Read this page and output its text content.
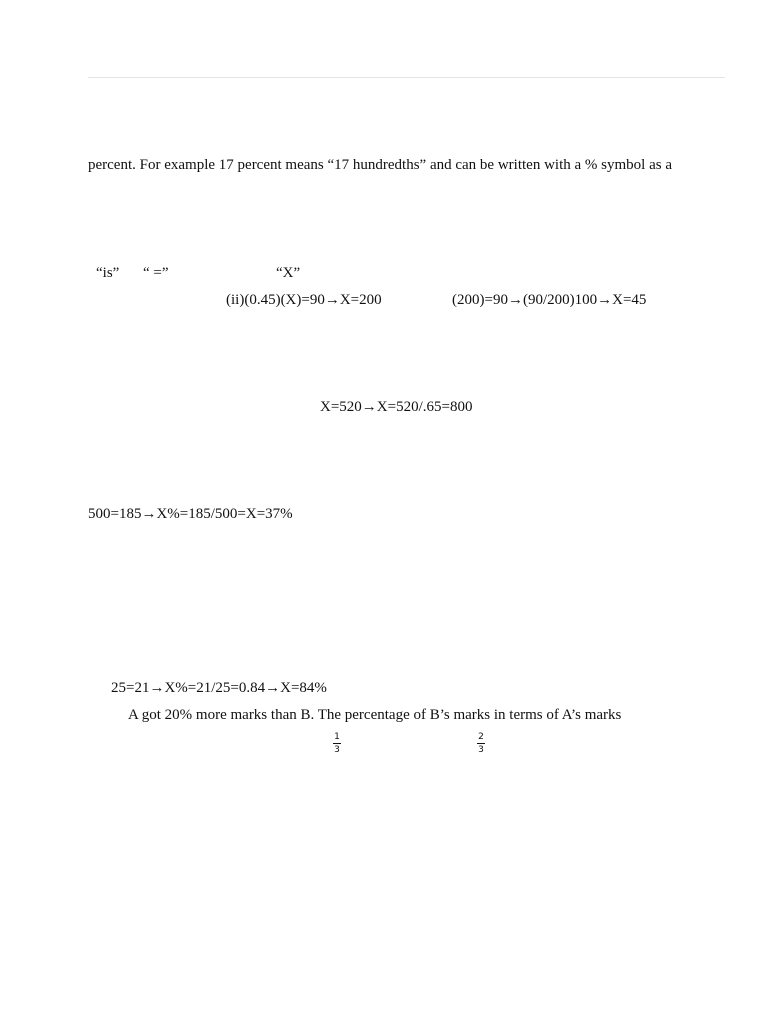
percent. For example 17 percent means “17 hundredths” and can be written with a % symbol as a
“is” “ =”	“X”
(ii)(0.45)(X)=90→X=200	(200)=90→(90/200)100→X=45
X=520→X=520/.65=800
500=185→X%=185/500=X=37%
25=21→X%=21/25=0.84→X=84%
A got 20% more marks than B. The percentage of B’s marks in terms of A’s marks
1
3
2
3
